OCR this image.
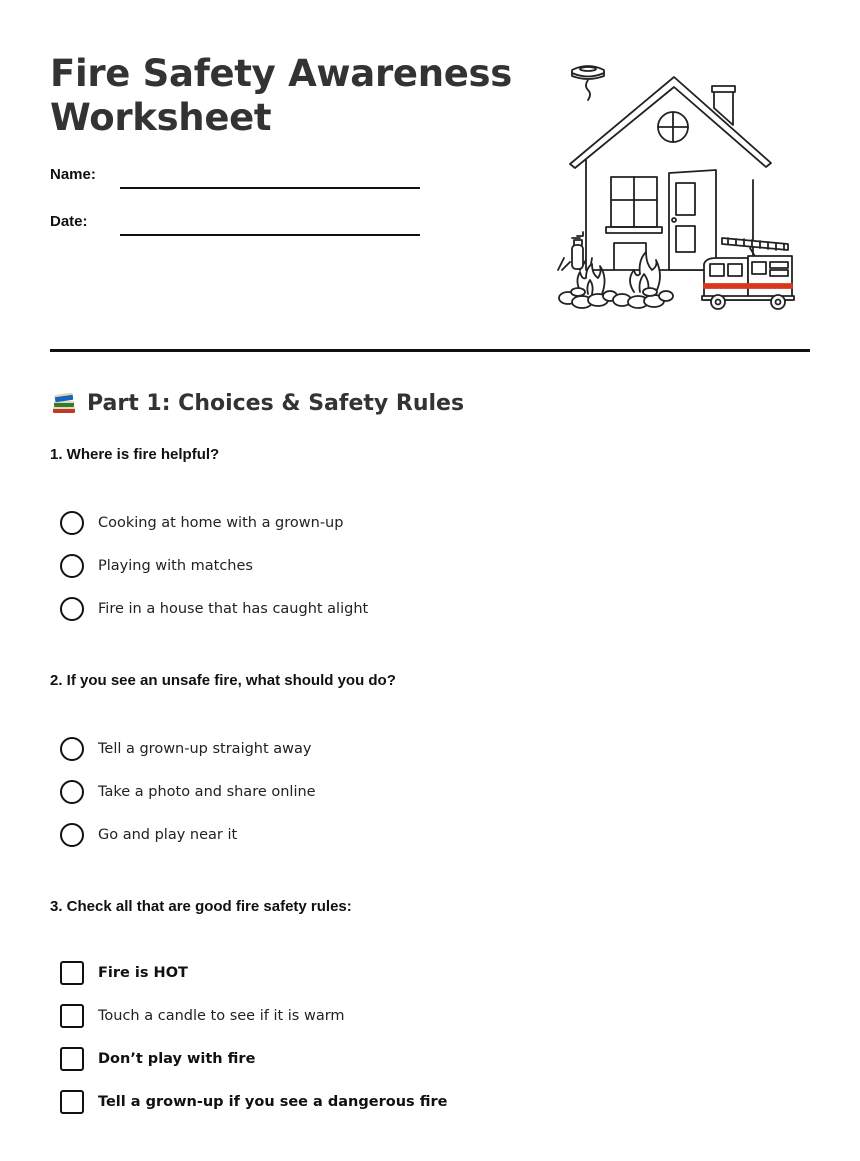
Fire Safety Awareness Worksheet
Name:
Date:
Part 1: Choices & Safety Rules
1. Where is fire helpful?
Cooking at home with a grown-up
Playing with matches
Fire in a house that has caught alight
2. If you see an unsafe fire, what should you do?
Tell a grown-up straight away
Take a photo and share online
Go and play near it
3. Check all that are good fire safety rules:
Fire is HOT
Touch a candle to see if it is warm
Don’t play with fire
Tell a grown-up if you see a dangerous fire
